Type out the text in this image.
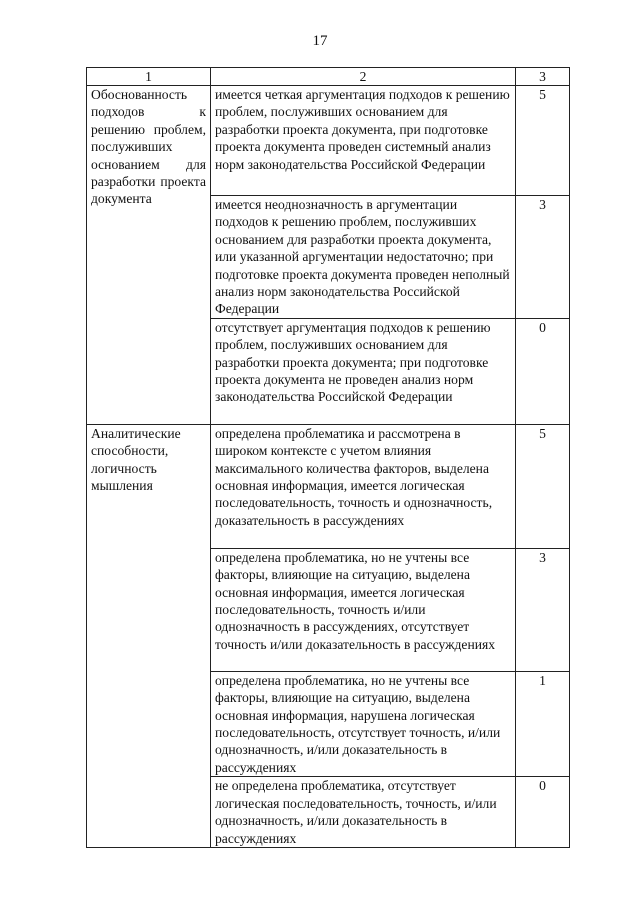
17
1	2	3
Обоснованность подходов к решению проблем, послуживших основанием для разработки проекта документа	имеется четкая аргументация подходов к решению проблем, послуживших основанием для разработки проекта документа, при подготовке проекта документа проведен системный анализ норм законодательства Российской Федерации	5
	имеется неоднозначность в аргументации подходов к решению проблем, послуживших основанием для разработки проекта документа, или указанной аргументации недостаточно; при подготовке проекта документа проведен неполный анализ норм законодательства Российской Федерации	3
	отсутствует аргументация подходов к решению проблем, послуживших основанием для разработки проекта документа; при подготовке проекта документа не проведен анализ норм законодательства Российской Федерации	0
Аналитические способности, логичность мышления	определена проблематика и рассмотрена в широком контексте с учетом влияния максимального количества факторов, выделена основная информация, имеется логическая последовательность, точность и однозначность, доказательность в рассуждениях	5
	определена проблематика, но не учтены все факторы, влияющие на ситуацию, выделена основная информация, имеется логическая последовательность, точность и/или однозначность в рассуждениях, отсутствует точность и/или доказательность в рассуждениях	3
	определена проблематика, но не учтены все факторы, влияющие на ситуацию, выделена основная информация, нарушена логическая последовательность, отсутствует точность, и/или однозначность, и/или доказательность в рассуждениях	1
	не определена проблематика, отсутствует логическая последовательность, точность, и/или однозначность, и/или доказательность в рассуждениях	0
